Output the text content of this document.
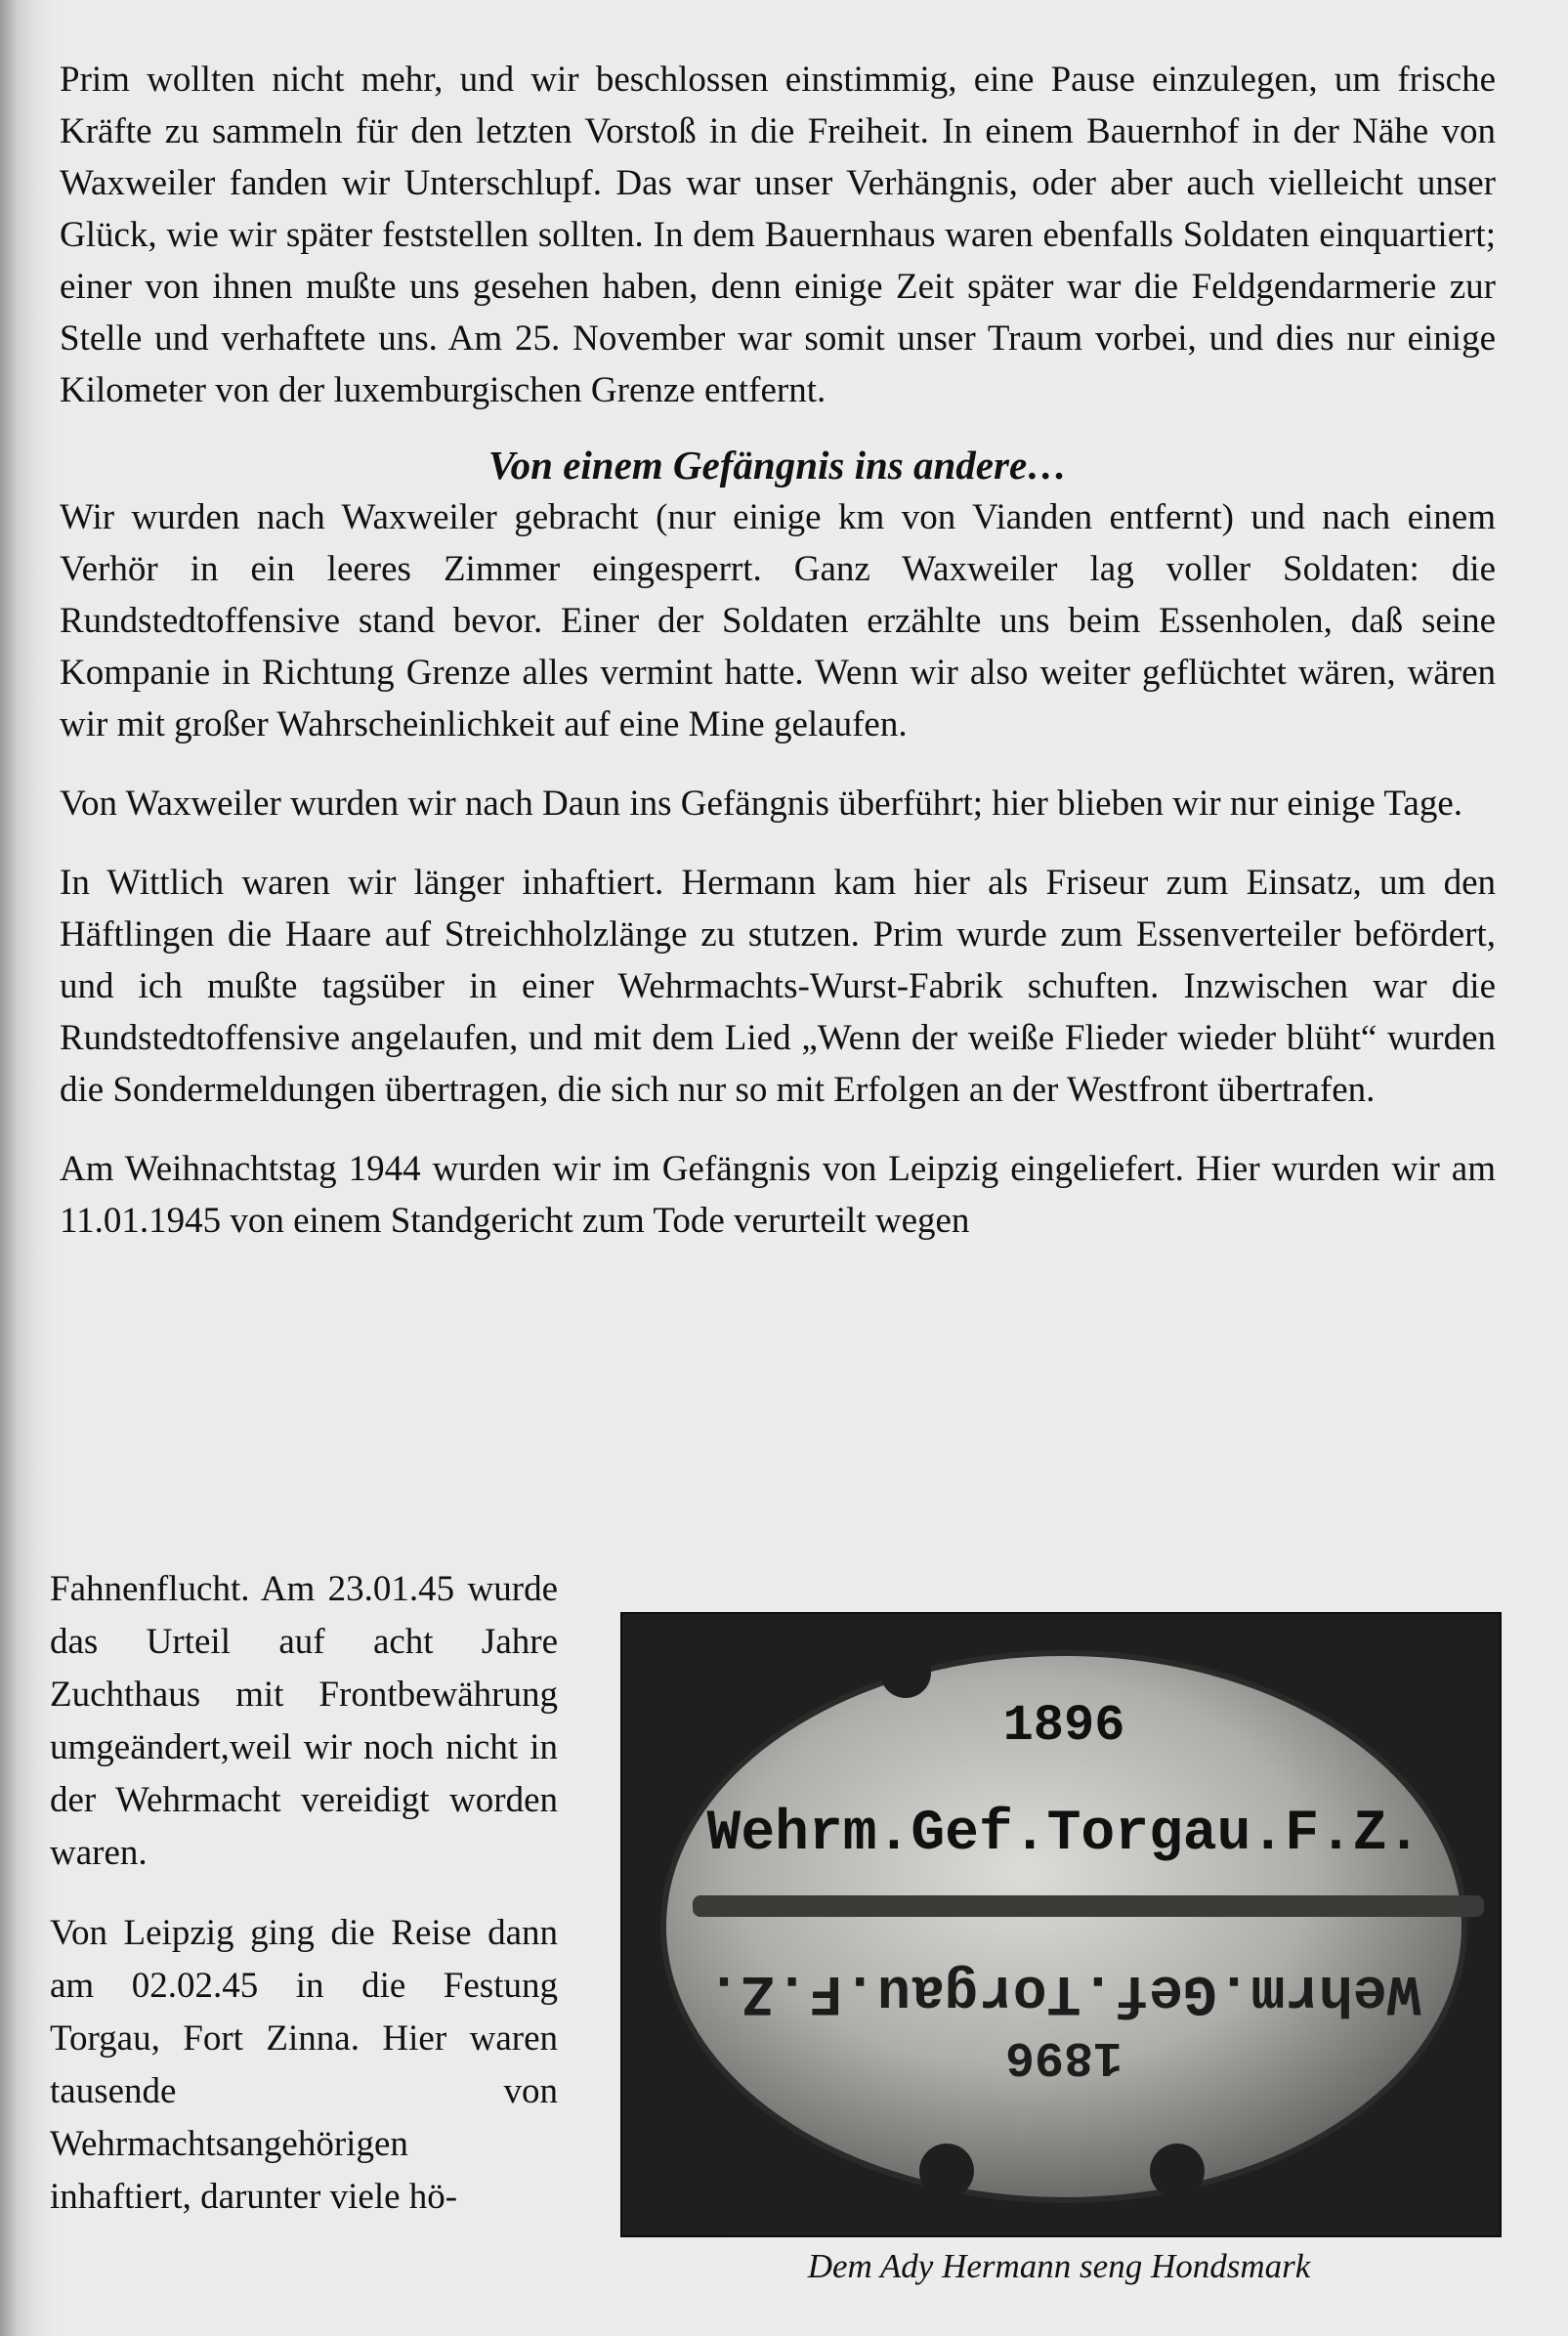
Prim wollten nicht mehr, und wir beschlossen einstimmig, eine Pause einzulegen, um frische Kräfte zu sammeln für den letzten Vorstoß in die Freiheit. In einem Bauernhof in der Nähe von Waxweiler fanden wir Unterschlupf. Das war unser Verhängnis, oder aber auch vielleicht unser Glück, wie wir später feststellen sollten. In dem Bauernhaus waren ebenfalls Soldaten einquartiert; einer von ihnen mußte uns gesehen haben, denn einige Zeit später war die Feldgendarmerie zur Stelle und verhaftete uns. Am 25. November war somit unser Traum vorbei, und dies nur einige Kilometer von der luxemburgischen Grenze entfernt.

Von einem Gefängnis ins andere…

Wir wurden nach Waxweiler gebracht (nur einige km von Vianden entfernt) und nach einem Verhör in ein leeres Zimmer eingesperrt. Ganz Waxweiler lag voller Soldaten: die Rundstedtoffensive stand bevor. Einer der Soldaten erzählte uns beim Essenholen, daß seine Kompanie in Richtung Grenze alles vermint hatte. Wenn wir also weiter geflüchtet wären, wären wir mit großer Wahrscheinlichkeit auf eine Mine gelaufen.

Von Waxweiler wurden wir nach Daun ins Gefängnis überführt; hier blieben wir nur einige Tage.

In Wittlich waren wir länger inhaftiert. Hermann kam hier als Friseur zum Einsatz, um den Häftlingen die Haare auf Streichholzlänge zu stutzen. Prim wurde zum Essenverteiler befördert, und ich mußte tagsüber in einer Wehrmachts-Wurst-Fabrik schuften. Inzwischen war die Rundstedtoffensive angelaufen, und mit dem Lied „Wenn der weiße Flieder wieder blüht“ wurden die Sondermeldungen übertragen, die sich nur so mit Erfolgen an der Westfront übertrafen.

Am Weihnachtstag 1944 wurden wir im Gefängnis von Leipzig eingeliefert. Hier wurden wir am 11.01.1945 von einem Standgericht zum Tode verurteilt wegen

Fahnenflucht. Am 23.01.45 wurde das Urteil auf acht Jahre Zuchthaus mit Frontbewährung umgeändert,weil wir noch nicht in der Wehrmacht vereidigt worden waren.

Von Leipzig ging die Reise dann am 02.02.45 in die Festung Torgau, Fort Zinna. Hier waren tausende von Wehrmachtsangehörigen inhaftiert, darunter viele hö-

1896
Wehrm.Gef.Torgau.F.Z.
Wehrm.Gef.Torgau.F.Z.
1896
Dem Ady Hermann seng Hondsmark
